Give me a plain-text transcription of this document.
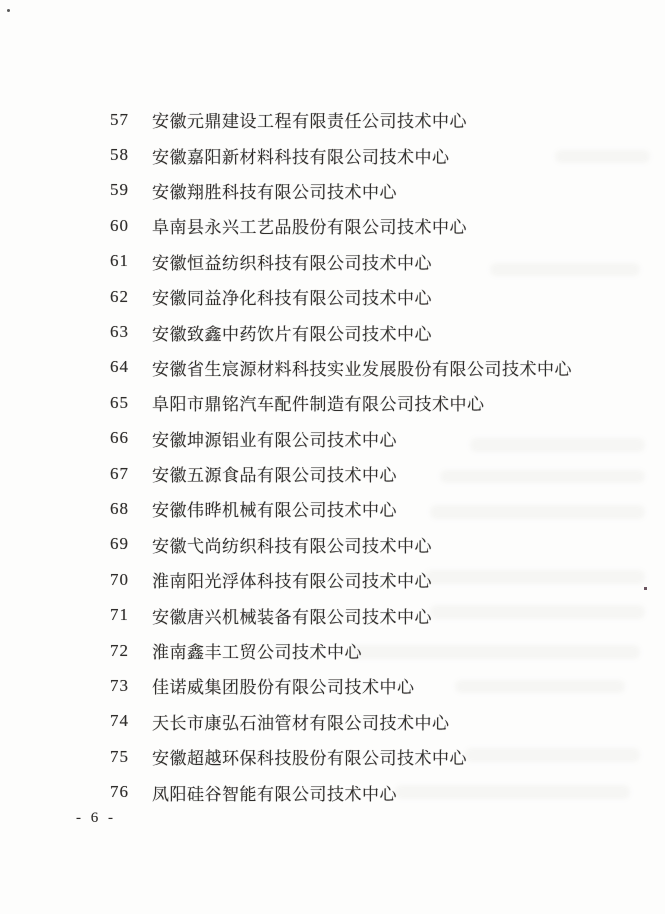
57	安徽元鼎建设工程有限责任公司技术中心
58	安徽嘉阳新材料科技有限公司技术中心
59	安徽翔胜科技有限公司技术中心
60	阜南县永兴工艺品股份有限公司技术中心
61	安徽恒益纺织科技有限公司技术中心
62	安徽同益净化科技有限公司技术中心
63	安徽致鑫中药饮片有限公司技术中心
64	安徽省生宸源材料科技实业发展股份有限公司技术中心
65	阜阳市鼎铭汽车配件制造有限公司技术中心
66	安徽坤源铝业有限公司技术中心
67	安徽五源食品有限公司技术中心
68	安徽伟晔机械有限公司技术中心
69	安徽弋尚纺织科技有限公司技术中心
70	淮南阳光浮体科技有限公司技术中心
71	安徽唐兴机械装备有限公司技术中心
72	淮南鑫丰工贸公司技术中心
73	佳诺威集团股份有限公司技术中心
74	天长市康弘石油管材有限公司技术中心
75	安徽超越环保科技股份有限公司技术中心
76	凤阳硅谷智能有限公司技术中心
- 6 -
